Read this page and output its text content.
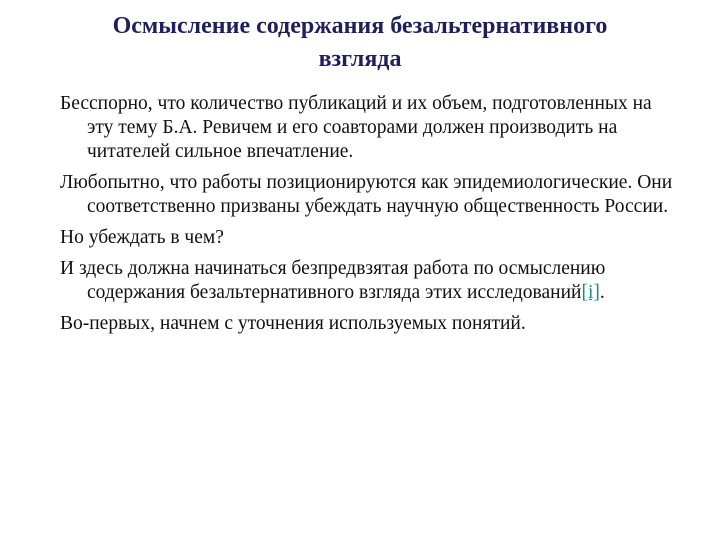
Осмысление содержания безальтернативного
взгляда

Бесспорно, что количество публикаций и их объем, подготовленных на эту тему Б.А. Ревичем и его соавторами должен производить на читателей сильное впечатление.

Любопытно, что работы позиционируются как эпидемиологические. Они соответственно призваны убеждать научную общественность России.

Но убеждать в чем?

И здесь должна начинаться безпредвзятая работа по осмыслению содержания безальтернативного взгляда этих исследований[i].

Во-первых, начнем с уточнения используемых понятий.
